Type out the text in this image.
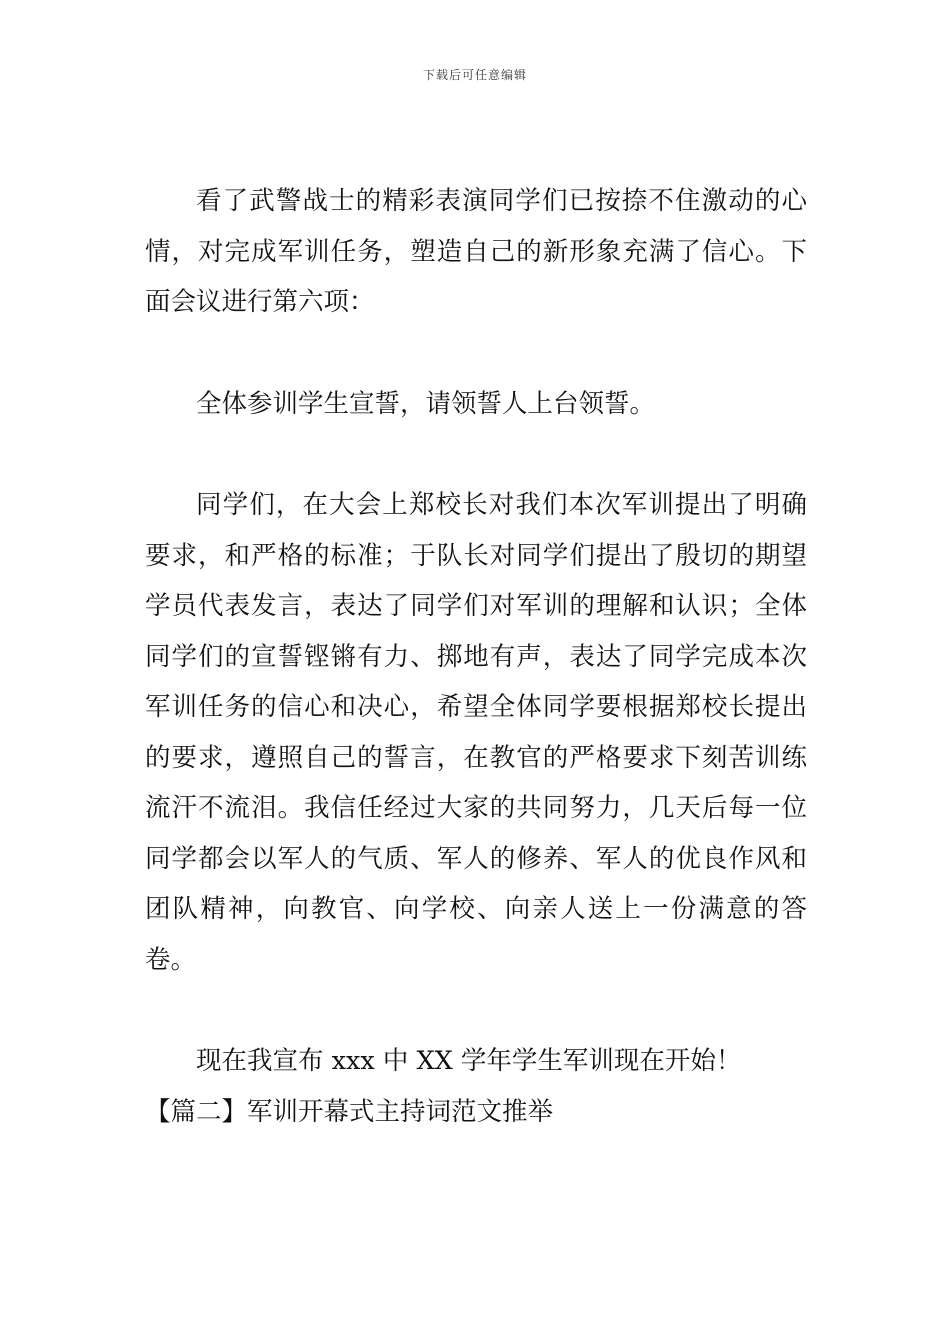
下载后可任意编辑

看了武警战士的精彩表演同学们已按捺不住激动的心情，对完成军训任务，塑造自己的新形象充满了信心。下面会议进行第六项：

全体参训学生宣誓，请领誓人上台领誓。

同学们，在大会上郑校长对我们本次军训提出了明确要求，和严格的标准；于队长对同学们提出了殷切的期望学员代表发言，表达了同学们对军训的理解和认识；全体同学们的宣誓铿锵有力、掷地有声，表达了同学完成本次军训任务的信心和决心，希望全体同学要根据郑校长提出的要求，遵照自己的誓言，在教官的严格要求下刻苦训练流汗不流泪。我信任经过大家的共同努力，几天后每一位同学都会以军人的气质、军人的修养、军人的优良作风和团队精神，向教官、向学校、向亲人送上一份满意的答卷。

现在我宣布 xxx 中 XX 学年学生军训现在开始！

【篇二】军训开幕式主持词范文推举
